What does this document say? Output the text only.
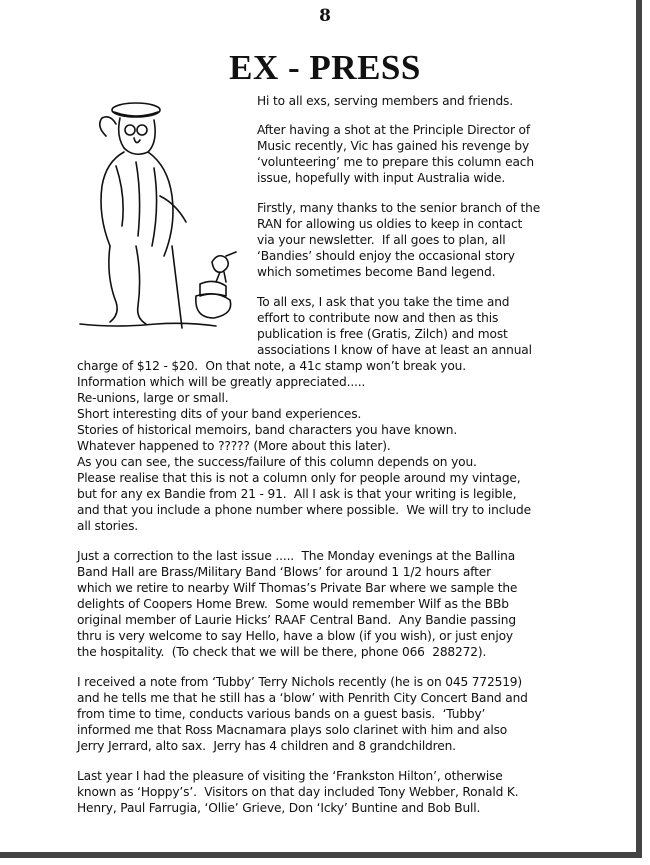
8
EX - PRESS
Hi to all exs, serving members and friends.
After having a shot at the Principle Director of
Music recently, Vic has gained his revenge by
‘volunteering’ me to prepare this column each
issue, hopefully with input Australia wide.
Firstly, many thanks to the senior branch of the
RAN for allowing us oldies to keep in contact
via your newsletter.  If all goes to plan, all
‘Bandies’ should enjoy the occasional story
which sometimes become Band legend.
To all exs, I ask that you take the time and
effort to contribute now and then as this
publication is free (Gratis, Zilch) and most
associations I know of have at least an annual
charge of $12 - $20.  On that note, a 41c stamp won’t break you.
Information which will be greatly appreciated.....
Re-unions, large or small.
Short interesting dits of your band experiences.
Stories of historical memoirs, band characters you have known.
Whatever happened to ????? (More about this later).
As you can see, the success/failure of this column depends on you.
Please realise that this is not a column only for people around my vintage,
but for any ex Bandie from 21 - 91.  All I ask is that your writing is legible,
and that you include a phone number where possible.  We will try to include
all stories.
Just a correction to the last issue .....  The Monday evenings at the Ballina
Band Hall are Brass/Military Band ‘Blows’ for around 1 1/2 hours after
which we retire to nearby Wilf Thomas’s Private Bar where we sample the
delights of Coopers Home Brew.  Some would remember Wilf as the BBb
original member of Laurie Hicks’ RAAF Central Band.  Any Bandie passing
thru is very welcome to say Hello, have a blow (if you wish), or just enjoy
the hospitality.  (To check that we will be there, phone 066  288272).
I received a note from ‘Tubby’ Terry Nichols recently (he is on 045 772519)
and he tells me that he still has a ‘blow’ with Penrith City Concert Band and
from time to time, conducts various bands on a guest basis.  ‘Tubby’
informed me that Ross Macnamara plays solo clarinet with him and also
Jerry Jerrard, alto sax.  Jerry has 4 children and 8 grandchildren.
Last year I had the pleasure of visiting the ‘Frankston Hilton’, otherwise
known as ‘Hoppy’s’.  Visitors on that day included Tony Webber, Ronald K.
Henry, Paul Farrugia, ‘Ollie’ Grieve, Don ‘Icky’ Buntine and Bob Bull.
